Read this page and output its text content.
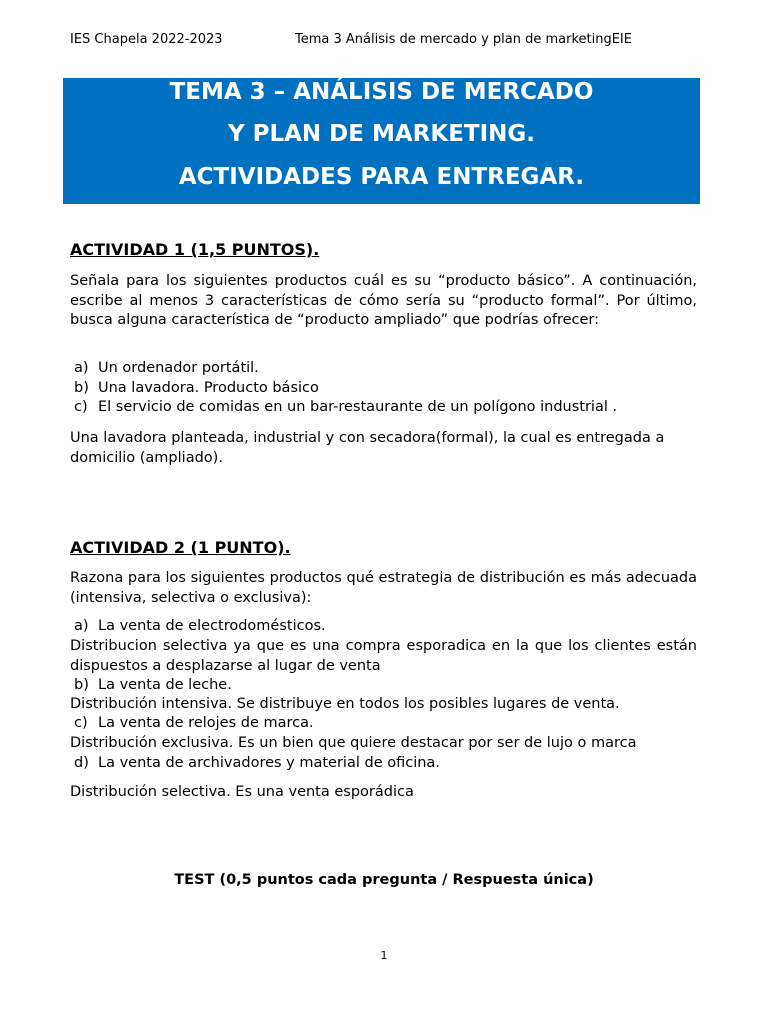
IES Chapela 2022-2023	Tema 3 Análisis de mercado y plan de marketingEIE
TEMA 3 – ANÁLISIS DE MERCADO
Y PLAN DE MARKETING.
ACTIVIDADES PARA ENTREGAR.
ACTIVIDAD 1 (1,5 PUNTOS).
Señala para los siguientes productos cuál es su “producto básico”. A continuación, escribe al menos 3 características de cómo sería su “producto formal”. Por último, busca alguna característica de “producto ampliado” que podrías ofrecer:
a) Un ordenador portátil.
b) Una lavadora. Producto básico
c) El servicio de comidas en un bar-restaurante de un polígono industrial .
Una lavadora planteada, industrial y con secadora(formal), la cual es entregada a domicilio (ampliado).
ACTIVIDAD 2 (1 PUNTO).
Razona para los siguientes productos qué estrategia de distribución es más adecuada (intensiva, selectiva o exclusiva):
a) La venta de electrodomésticos.
Distribucion selectiva ya que es una compra esporadica en la que los clientes están dispuestos a desplazarse al lugar de venta
b) La venta de leche.
Distribución intensiva. Se distribuye en todos los posibles lugares de venta.
c) La venta de relojes de marca.
Distribución exclusiva. Es un bien que quiere destacar por ser de lujo o marca
d) La venta de archivadores y material de oficina.
Distribución selectiva. Es una venta esporádica
TEST (0,5 puntos cada pregunta / Respuesta única)
1
